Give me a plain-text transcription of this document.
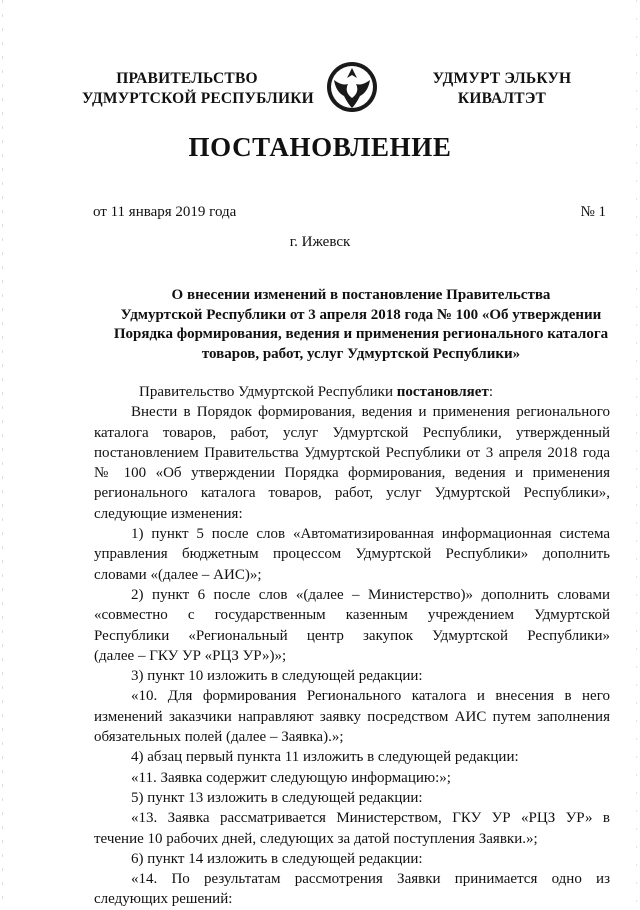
ПРАВИТЕЛЬСТВО
УДМУРТСКОЙ РЕСПУБЛИКИ
УДМУРТ ЭЛЬКУН
КИВАЛТЭТ
ПОСТАНОВЛЕНИЕ
от 11 января 2019 года	№ 1
г. Ижевск
О внесении изменений в постановление Правительства
Удмуртской Республики от 3 апреля 2018 года № 100 «Об утверждении
Порядка формирования, ведения и применения регионального каталога
товаров, работ, услуг Удмуртской Республики»
Правительство Удмуртской Республики постановляет:
Внести в Порядок формирования, ведения и применения регионального
каталога товаров, работ, услуг Удмуртской Республики, утвержденный
постановлением Правительства Удмуртской Республики от 3 апреля 2018 года
№ 100 «Об утверждении Порядка формирования, ведения и применения
регионального каталога товаров, работ, услуг Удмуртской Республики»,
следующие изменения:
1) пункт 5 после слов «Автоматизированная информационная система
управления бюджетным процессом Удмуртской Республики» дополнить
словами «(далее – АИС)»;
2) пункт 6 после слов «(далее – Министерство)» дополнить словами
«совместно с государственным казенным учреждением Удмуртской
Республики «Региональный центр закупок Удмуртской Республики»
(далее – ГКУ УР «РЦЗ УР»)»;
3) пункт 10 изложить в следующей редакции:
«10. Для формирования Регионального каталога и внесения в него
изменений заказчики направляют заявку посредством АИС путем заполнения
обязательных полей (далее – Заявка).»;
4) абзац первый пункта 11 изложить в следующей редакции:
«11. Заявка содержит следующую информацию:»;
5) пункт 13 изложить в следующей редакции:
«13. Заявка рассматривается Министерством, ГКУ УР «РЦЗ УР» в
течение 10 рабочих дней, следующих за датой поступления Заявки.»;
6) пункт 14 изложить в следующей редакции:
«14. По результатам рассмотрения Заявки принимается одно из
следующих решений:
